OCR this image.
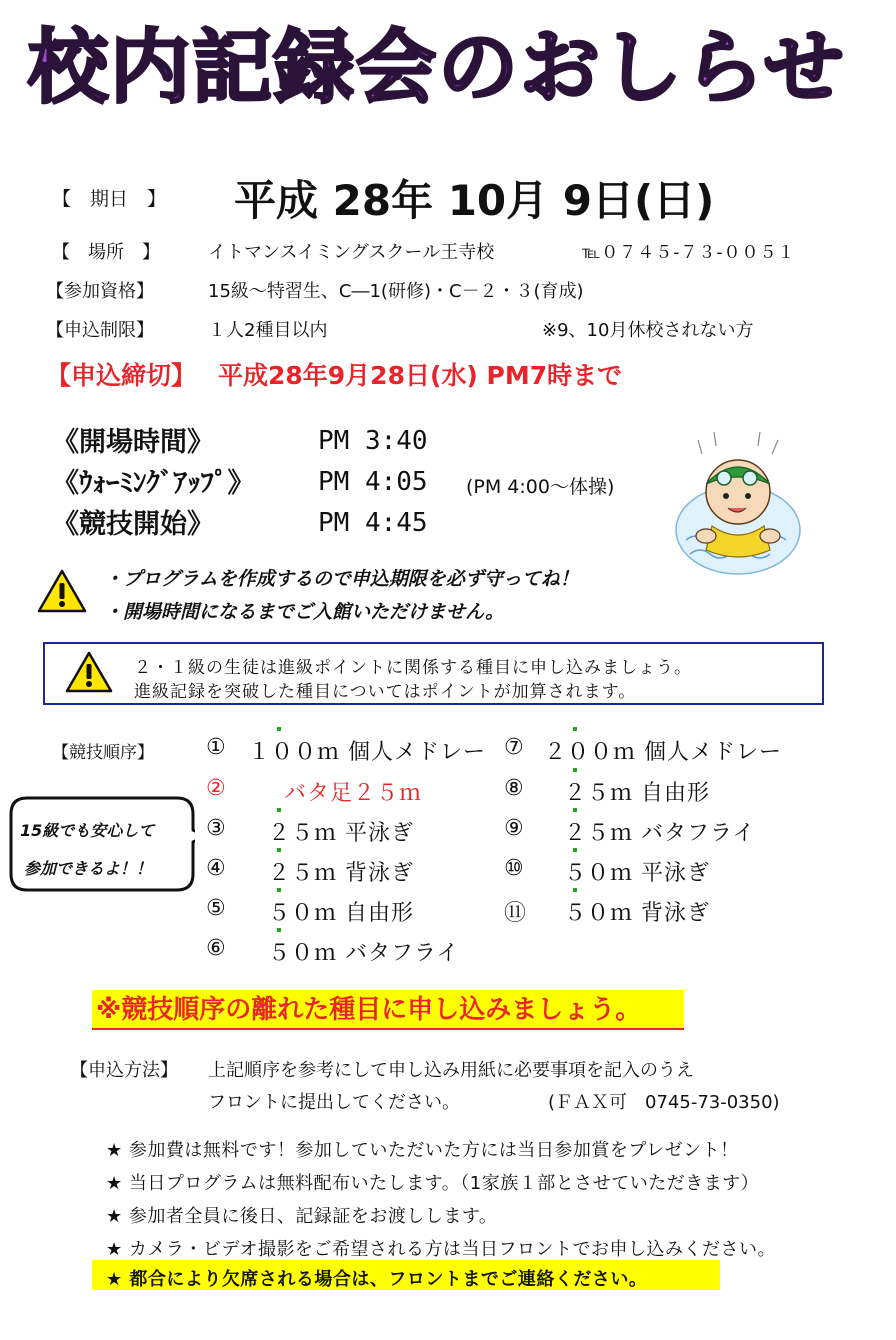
校内記録会のおしらせ
【　期日　】 平成 28年 10月 9日(日)
【　場所　】	イトマンスイミングスクール王寺校	℡０７４５-７３-００５１
【参加資格】	15級～特習生、C―1(研修)・C－２・３(育成)
【申込制限】	１人2種目以内	※9、10月休校されない方
【申込締切】 平成28年9月28日(水) PM7時まで
《開場時間》	PM 3:40
《ｳｫｰﾐﾝｸﾞｱｯﾌﾟ》 PM 4:05 (PM 4:00～体操)
《競技開始》	PM 4:45
・プログラムを作成するので申込期限を必ず守ってね！
・開場時間になるまでご入館いただけません。
２・１級の生徒は進級ポイントに関係する種目に申し込みましょう。
進級記録を突破した種目についてはポイントが加算されます。
【競技順序】 ① １００ｍ 個人メドレー
②	バタ足２５ｍ
③ ２５ｍ 平泳ぎ
④ ２５ｍ 背泳ぎ
⑤ ５０ｍ 自由形
⑥ ５０ｍ バタフライ
⑦ ２００ｍ 個人メドレー
⑧ ２５ｍ 自由形
⑨ ２５ｍ バタフライ
⑩ ５０ｍ 平泳ぎ
⑪ ５０ｍ 背泳ぎ
15級でも安心して
参加できるよ！！
※競技順序の離れた種目に申し込みましょう。
【申込方法】 上記順序を参考にして申し込み用紙に必要事項を記入のうえ
フロントに提出してください。	(ＦＡＸ可　0745-73-0350)
★ 参加費は無料です！参加していただいた方には当日参加賞をプレゼント！
★ 当日プログラムは無料配布いたします。（1家族１部とさせていただきます）
★ 参加者全員に後日、記録証をお渡しします。
★ カメラ・ビデオ撮影をご希望される方は当日フロントでお申し込みください。
★ 都合により欠席される場合は、フロントまでご連絡ください。
